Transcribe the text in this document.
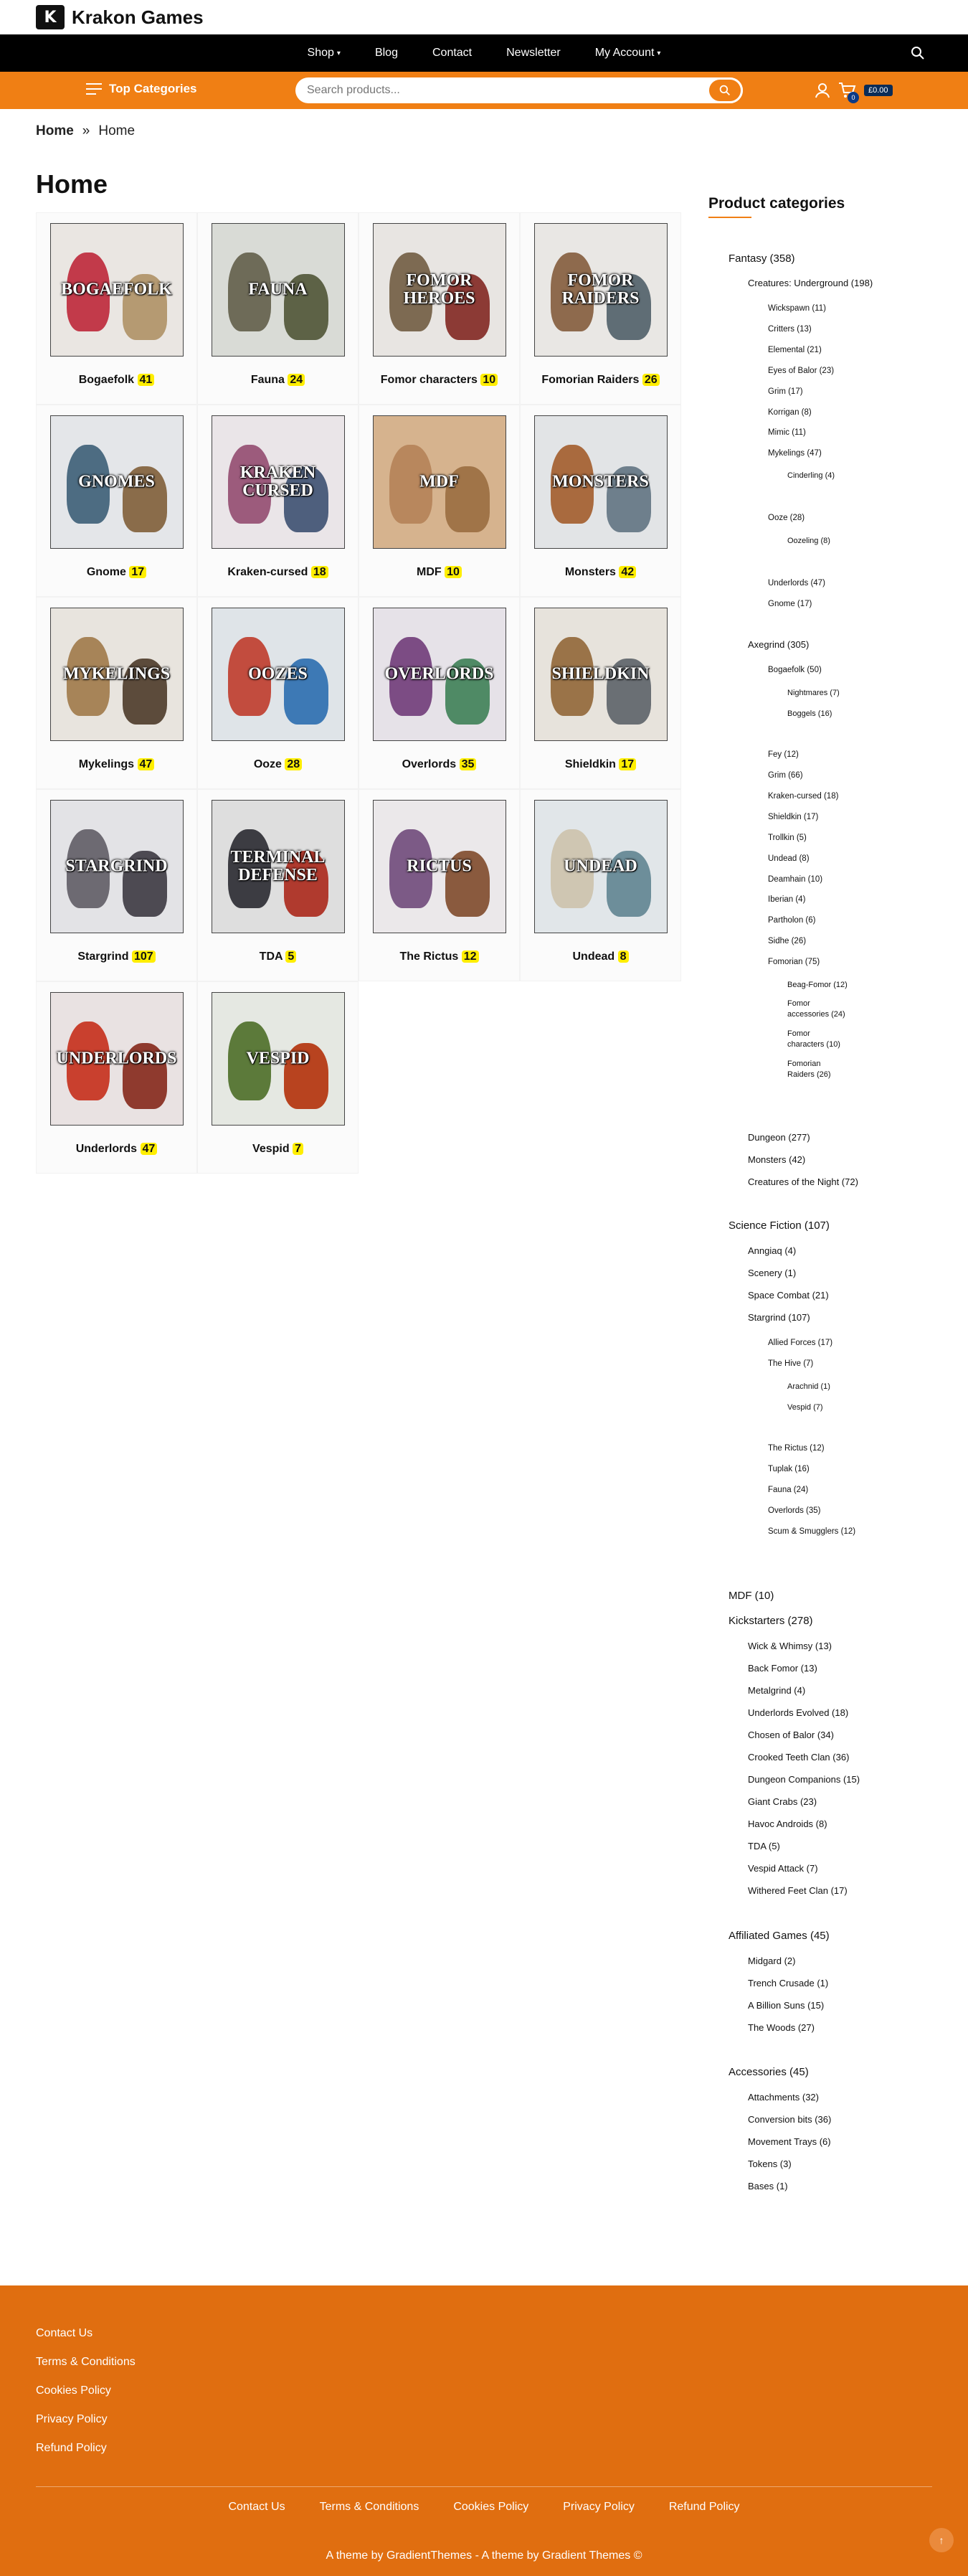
K Krakon Games
Shop ▾	Blog	Contact	Newsletter	My Account ▾
Top Categories
Search products...
0
£0.00
Home » Home
Home
BOGAEFOLK
Bogaefolk 41
FAUNA
Fauna 24
FOMOR HEROES
Fomor characters 10
FOMOR RAIDERS
Fomorian Raiders 26
GNOMES
Gnome 17
KRAKEN CURSED
Kraken-cursed 18
MDF
MDF 10
MONSTERS
Monsters 42
MYKELINGS
Mykelings 47
OOZES
Ooze 28
OVERLORDS
Overlords 35
SHIELDKIN
Shieldkin 17
STARGRIND
Stargrind 107
TERMINAL DEFENSE
TDA 5
RICTUS
The Rictus 12
UNDEAD
Undead 8
UNDERLORDS
Underlords 47
VESPID
Vespid 7
Product categories
Fantasy (358)
Creatures: Underground (198)
Wickspawn (11)
Critters (13)
Elemental (21)
Eyes of Balor (23)
Grim (17)
Korrigan (8)
Mimic (11)
Mykelings (47)
Cinderling (4)
Ooze (28)
Oozeling (8)
Underlords (47)
Gnome (17)
Axegrind (305)
Bogaefolk (50)
Nightmares (7)
Boggels (16)
Fey (12)
Grim (66)
Kraken-cursed (18)
Shieldkin (17)
Trollkin (5)
Undead (8)
Deamhain (10)
Iberian (4)
Partholon (6)
Sidhe (26)
Fomorian (75)
Beag-Fomor (12)
Fomor
accessories (24)
Fomor
characters (10)
Fomorian
Raiders (26)
Dungeon (277)
Monsters (42)
Creatures of the Night (72)
Science Fiction (107)
Anngiaq (4)
Scenery (1)
Space Combat (21)
Stargrind (107)
Allied Forces (17)
The Hive (7)
Arachnid (1)
Vespid (7)
The Rictus (12)
Tuplak (16)
Fauna (24)
Overlords (35)
Scum & Smugglers (12)
MDF (10)
Kickstarters (278)
Wick & Whimsy (13)
Back Fomor (13)
Metalgrind (4)
Underlords Evolved (18)
Chosen of Balor (34)
Crooked Teeth Clan (36)
Dungeon Companions (15)
Giant Crabs (23)
Havoc Androids (8)
TDA (5)
Vespid Attack (7)
Withered Feet Clan (17)
Affiliated Games (45)
Midgard (2)
Trench Crusade (1)
A Billion Suns (15)
The Woods (27)
Accessories (45)
Attachments (32)
Conversion bits (36)
Movement Trays (6)
Tokens (3)
Bases (1)
Contact Us
Terms & Conditions
Cookies Policy
Privacy Policy
Refund Policy
Contact Us	Terms & Conditions	Cookies Policy	Privacy Policy	Refund Policy
A theme by GradientThemes - A theme by Gradient Themes ©
↑
